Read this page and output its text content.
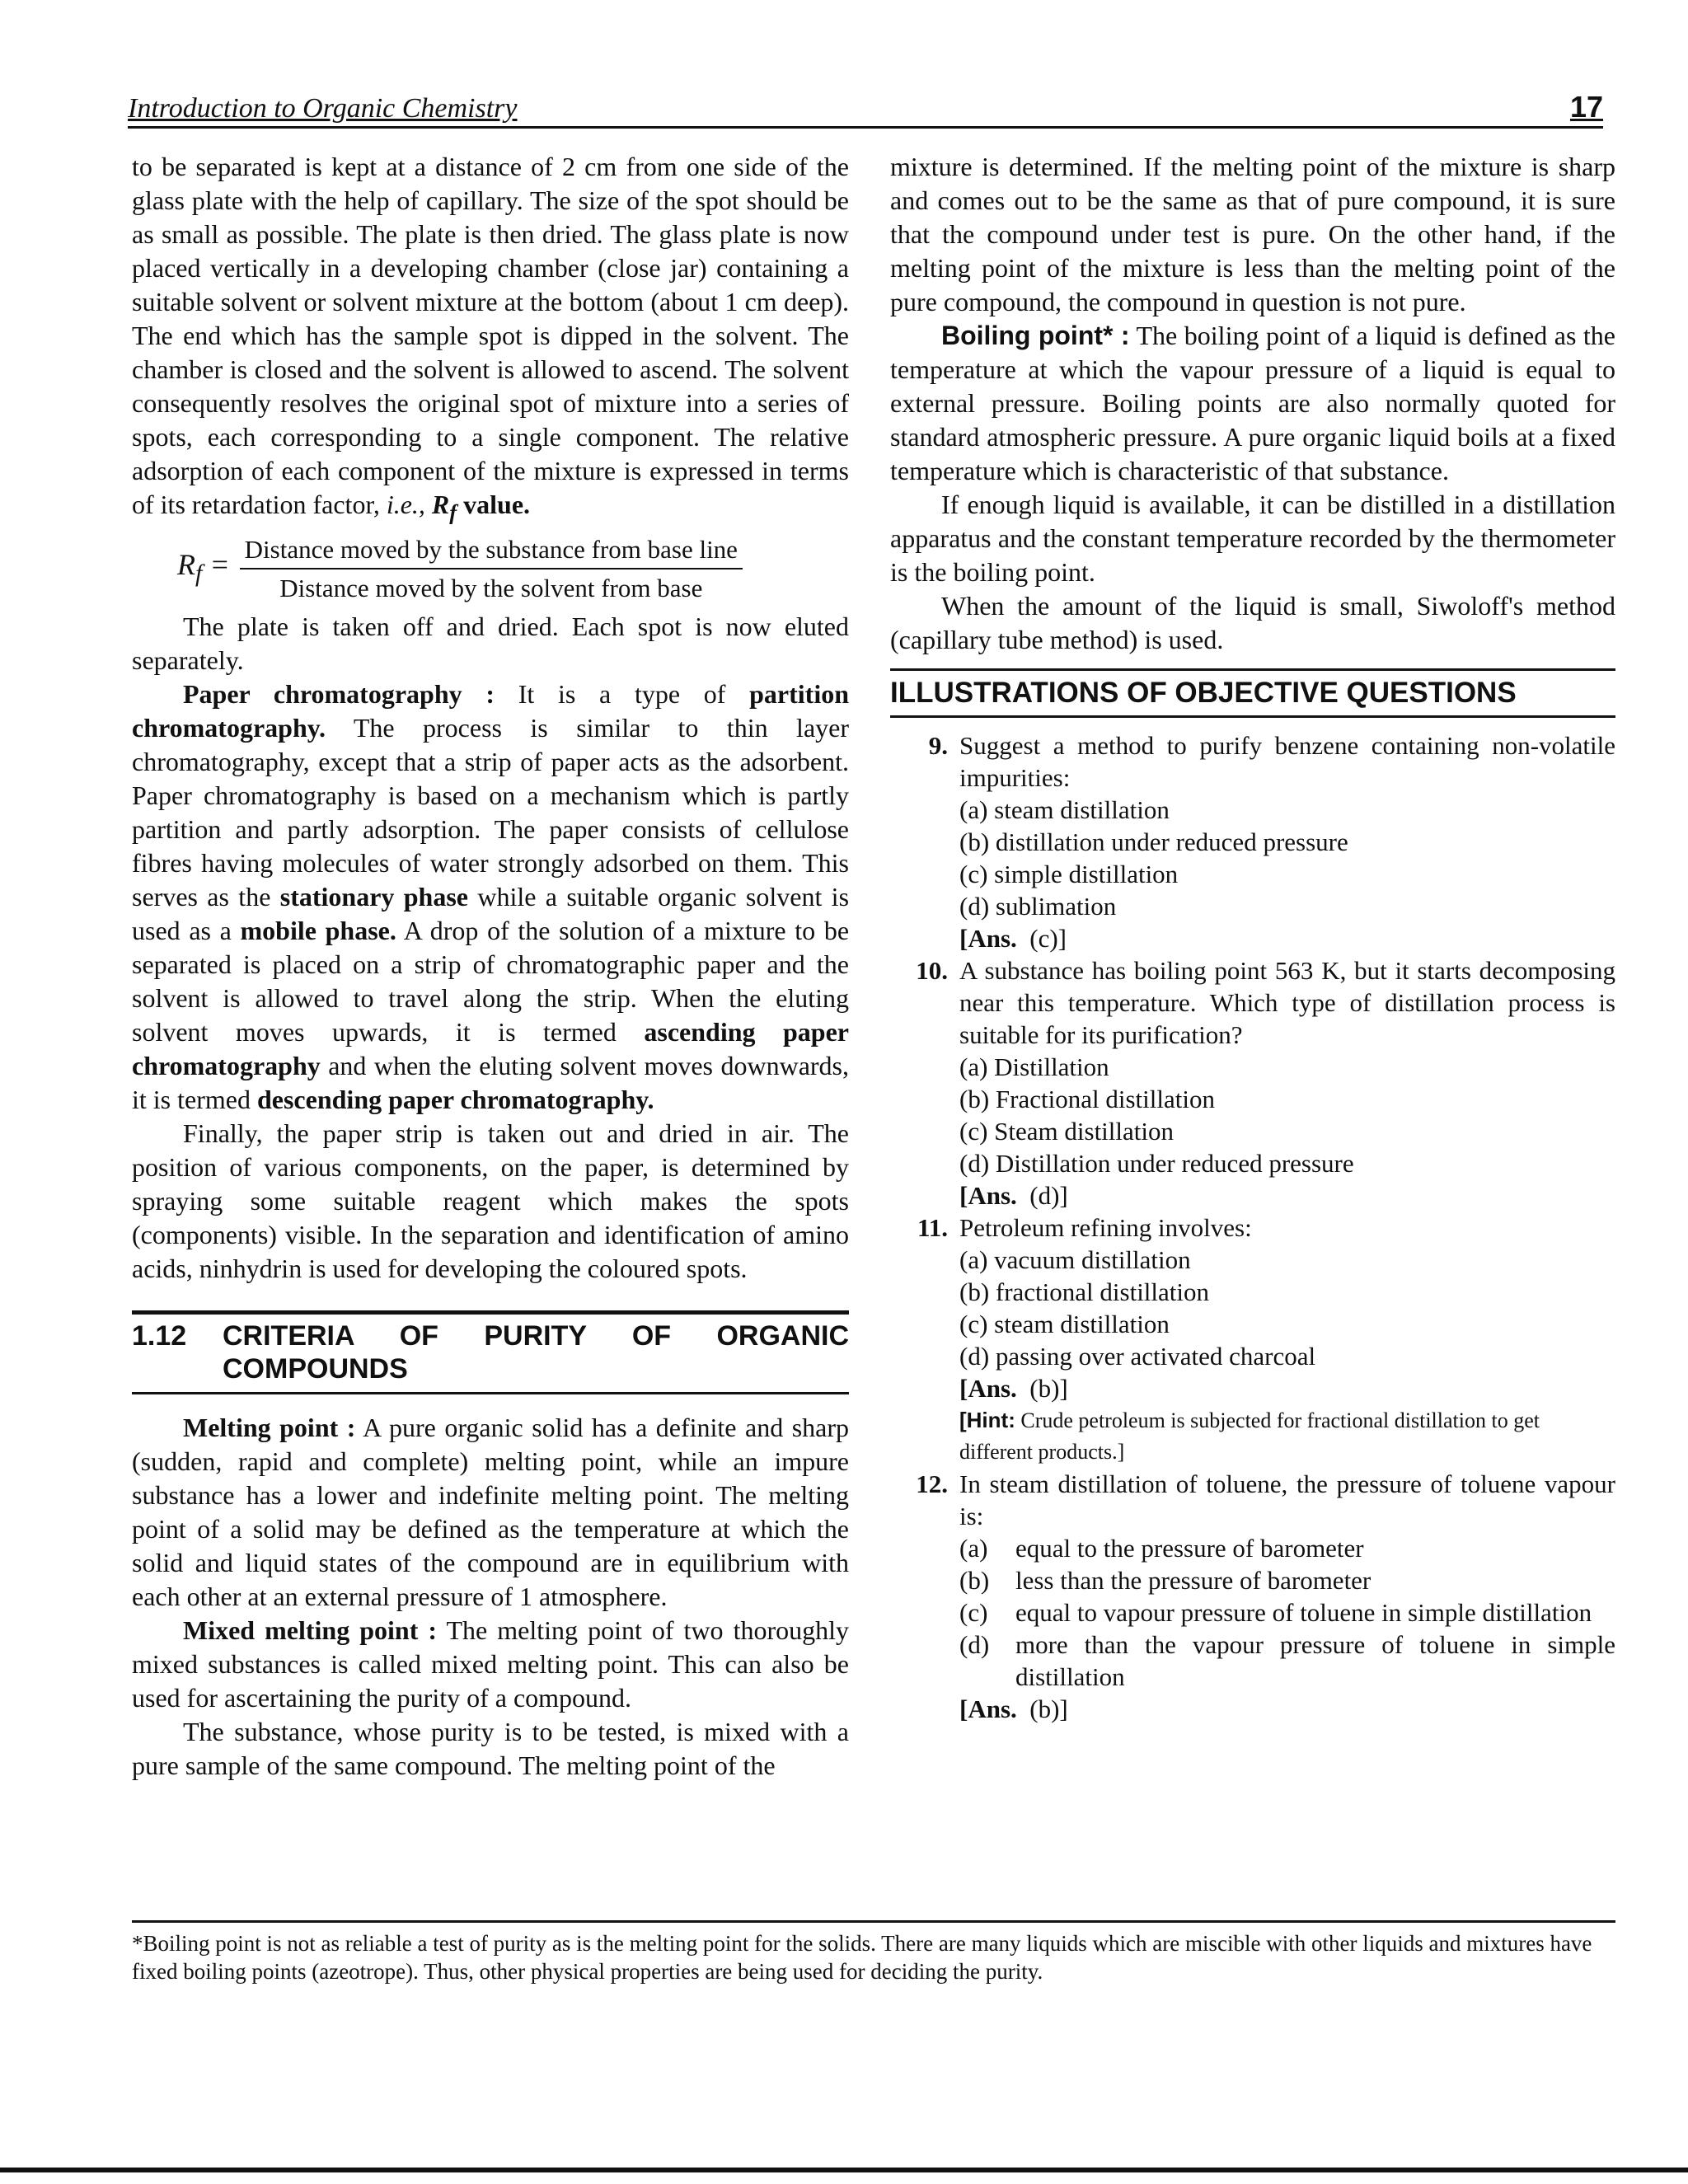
Introduction to Organic Chemistry	17

to be separated is kept at a distance of 2 cm from one side of the glass plate with the help of capillary. The size of the spot should be as small as possible. The plate is then dried. The glass plate is now placed vertically in a developing chamber (close jar) containing a suitable solvent or solvent mixture at the bottom (about 1 cm deep). The end which has the sample spot is dipped in the solvent. The chamber is closed and the solvent is allowed to ascend. The solvent consequently resolves the original spot of mixture into a series of spots, each corresponding to a single component. The relative adsorption of each component of the mixture is expressed in terms of its retardation factor, i.e., $R_f$ value.

$R_f = \frac{\text{Distance moved by the substance from base line}}{\text{Distance moved by the solvent from base}}$

The plate is taken off and dried. Each spot is now eluted separately.

Paper chromatography : It is a type of partition chromatography. The process is similar to thin layer chromatography, except that a strip of paper acts as the adsorbent. Paper chromatography is based on a mechanism which is partly partition and partly adsorption. The paper consists of cellulose fibres having molecules of water strongly adsorbed on them. This serves as the stationary phase while a suitable organic solvent is used as a mobile phase. A drop of the solution of a mixture to be separated is placed on a strip of chromatographic paper and the solvent is allowed to travel along the strip. When the eluting solvent moves upwards, it is termed ascending paper chromatography and when the eluting solvent moves downwards, it is termed descending paper chromatography.

Finally, the paper strip is taken out and dried in air. The position of various components, on the paper, is determined by spraying some suitable reagent which makes the spots (components) visible. In the separation and identification of amino acids, ninhydrin is used for developing the coloured spots.

1.12	CRITERIA OF PURITY OF ORGANIC COMPOUNDS

Melting point : A pure organic solid has a definite and sharp (sudden, rapid and complete) melting point, while an impure substance has a lower and indefinite melting point. The melting point of a solid may be defined as the temperature at which the solid and liquid states of the compound are in equilibrium with each other at an external pressure of 1 atmosphere.

Mixed melting point : The melting point of two thoroughly mixed substances is called mixed melting point. This can also be used for ascertaining the purity of a compound.

The substance, whose purity is to be tested, is mixed with a pure sample of the same compound. The melting point of the

mixture is determined. If the melting point of the mixture is sharp and comes out to be the same as that of pure compound, it is sure that the compound under test is pure. On the other hand, if the melting point of the mixture is less than the melting point of the pure compound, the compound in question is not pure.

Boiling point* : The boiling point of a liquid is defined as the temperature at which the vapour pressure of a liquid is equal to external pressure. Boiling points are also normally quoted for standard atmospheric pressure. A pure organic liquid boils at a fixed temperature which is characteristic of that substance.

If enough liquid is available, it can be distilled in a distillation apparatus and the constant temperature recorded by the thermometer is the boiling point.

When the amount of the liquid is small, Siwoloff's method (capillary tube method) is used.

ILLUSTRATIONS OF OBJECTIVE QUESTIONS
9. Suggest a method to purify benzene containing non-volatile impurities:
(a) steam distillation
(b) distillation under reduced pressure
(c) simple distillation
(d) sublimation
[Ans. (c)]
10. A substance has boiling point 563 K, but it starts decomposing near this temperature. Which type of distillation process is suitable for its purification?
(a) Distillation
(b) Fractional distillation
(c) Steam distillation
(d) Distillation under reduced pressure
[Ans. (d)]
11. Petroleum refining involves:
(a) vacuum distillation
(b) fractional distillation
(c) steam distillation
(d) passing over activated charcoal
[Ans. (b)]
[Hint: Crude petroleum is subjected for fractional distillation to get different products.]
12. In steam distillation of toluene, the pressure of toluene vapour is:
(a)	equal to the pressure of barometer
(b)	less than the pressure of barometer
(c)	equal to vapour pressure of toluene in simple distillation
(d)	more than the vapour pressure of toluene in simple distillation
[Ans. (b)]
*Boiling point is not as reliable a test of purity as is the melting point for the solids. There are many liquids which are miscible with other liquids and mixtures have fixed boiling points (azeotrope). Thus, other physical properties are being used for deciding the purity.
